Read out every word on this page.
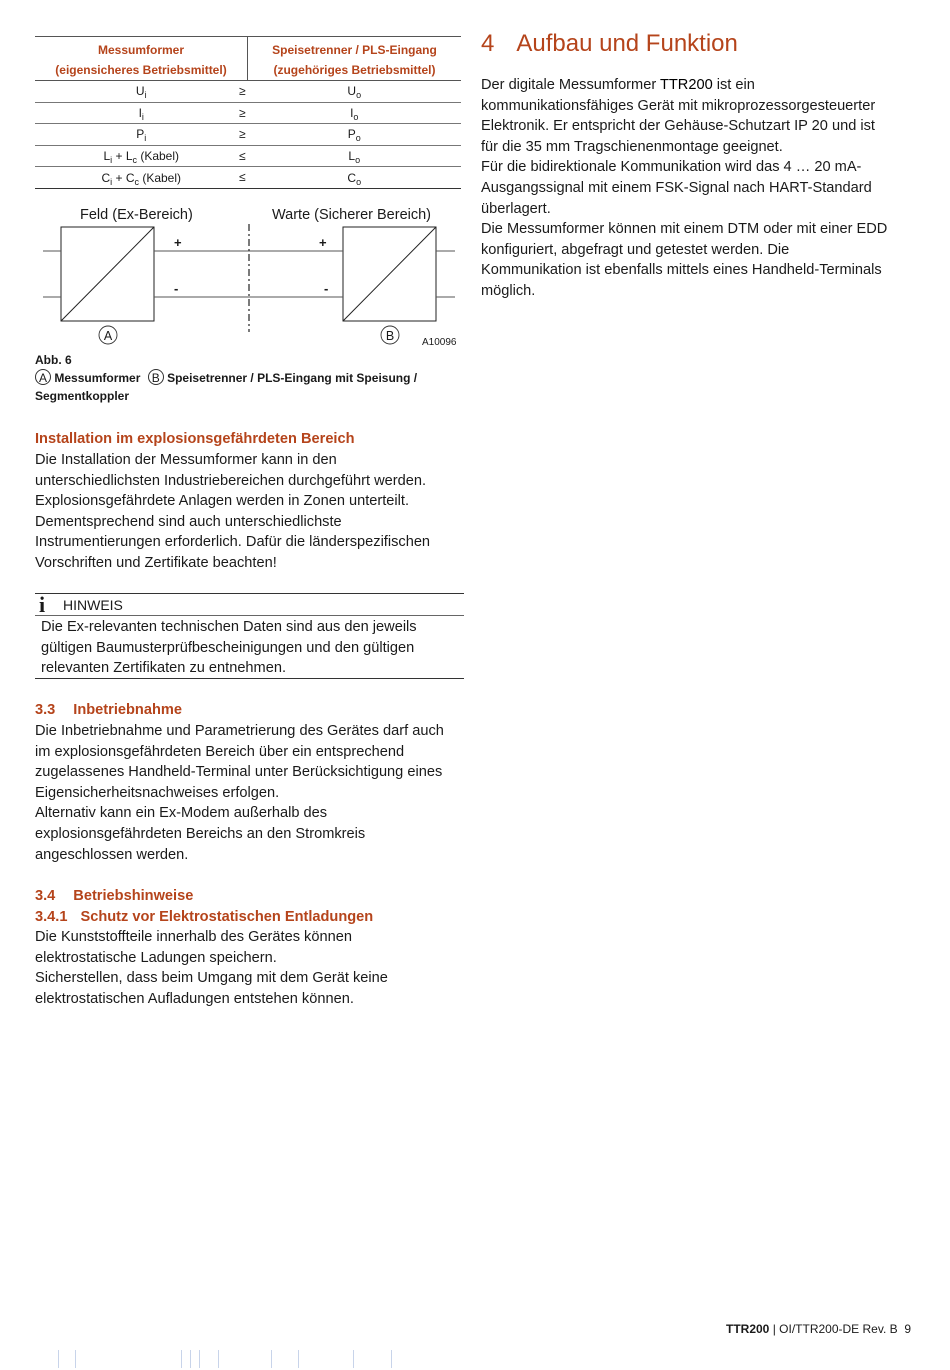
Messumformer	Speisetrenner / PLS-Eingang
(eigensicheres Betriebsmittel)	(zugehöriges Betriebsmittel)
$U_i$ ≥	$U_o$
$I_i$ ≥	$I_o$
$P_i$ ≥	$P_o$
$L_i + L_c$ (Kabel) ≤	$L_o$
$C_i + C_c$ (Kabel) ≤	$C_o$
Feld (Ex-Bereich)	Warte (Sicherer Bereich)
+	+
-	-
A	B	A10096
Abb. 6
A Messumformer B Speisetrenner / PLS-Eingang mit Speisung /
Segmentkoppler
Installation im explosionsgefährdeten Bereich
Die Installation der Messumformer kann in den
unterschiedlichsten Industriebereichen durchgeführt werden.
Explosionsgefährdete Anlagen werden in Zonen unterteilt.
Dementsprechend sind auch unterschiedlichste
Instrumentierungen erforderlich. Dafür die länderspezifischen
Vorschriften und Zertifikate beachten!
i HINWEIS
Die Ex-relevanten technischen Daten sind aus den jeweils
gültigen Baumusterprüfbescheinigungen und den gültigen
relevanten Zertifikaten zu entnehmen.
3.3 Inbetriebnahme
Die Inbetriebnahme und Parametrierung des Gerätes darf auch
im explosionsgefährdeten Bereich über ein entsprechend
zugelassenes Handheld-Terminal unter Berücksichtigung eines
Eigensicherheitsnachweises erfolgen.
Alternativ kann ein Ex-Modem außerhalb des
explosionsgefährdeten Bereichs an den Stromkreis
angeschlossen werden.
3.4 Betriebshinweise
3.4.1 Schutz vor Elektrostatischen Entladungen
Die Kunststoffteile innerhalb des Gerätes können
elektrostatische Ladungen speichern.
Sicherstellen, dass beim Umgang mit dem Gerät keine
elektrostatischen Aufladungen entstehen können.
4 Aufbau und Funktion
Der digitale Messumformer TTR200 ist ein
kommunikationsfähiges Gerät mit mikroprozessorgesteuerter
Elektronik. Er entspricht der Gehäuse-Schutzart IP 20 und ist
für die 35 mm Tragschienenmontage geeignet.
Für die bidirektionale Kommunikation wird das 4 … 20 mA-
Ausgangssignal mit einem FSK-Signal nach HART-Standard
überlagert.
Die Messumformer können mit einem DTM oder mit einer EDD
konfiguriert, abgefragt und getestet werden. Die
Kommunikation ist ebenfalls mittels eines Handheld-Terminals
möglich.
TTR200 | OI/TTR200-DE Rev. B 9
